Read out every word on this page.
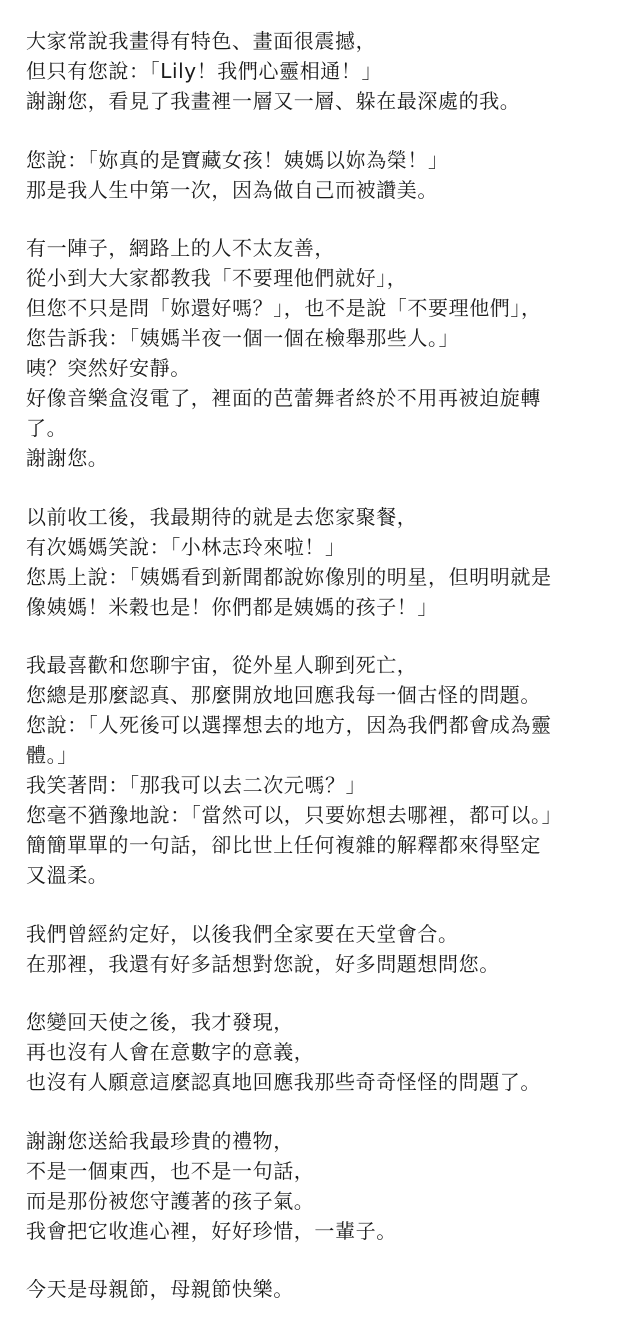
大家常說我畫得有特色、畫面很震撼，
但只有您說：「Lily！我們心靈相通！」
謝謝您，看見了我畫裡一層又一層、躲在最深處的我。
您說：「妳真的是寶藏女孩！姨媽以妳為榮！」
那是我人生中第一次，因為做自己而被讚美。
有一陣子，網路上的人不太友善，
從小到大大家都教我「不要理他們就好」，
但您不只是問「妳還好嗎？」，也不是說「不要理他們」，
您告訴我：「姨媽半夜一個一個在檢舉那些人。」
咦？突然好安靜。
好像音樂盒沒電了，裡面的芭蕾舞者終於不用再被迫旋轉
了。
謝謝您。
以前收工後，我最期待的就是去您家聚餐，
有次媽媽笑說：「小林志玲來啦！」
您馬上說：「姨媽看到新聞都說妳像別的明星，但明明就是
像姨媽！米穀也是！你們都是姨媽的孩子！」
我最喜歡和您聊宇宙，從外星人聊到死亡，
您總是那麼認真、那麼開放地回應我每一個古怪的問題。
您說：「人死後可以選擇想去的地方，因為我們都會成為靈
體。」
我笑著問：「那我可以去二次元嗎？」
您毫不猶豫地說：「當然可以，只要妳想去哪裡，都可以。」
簡簡單單的一句話，卻比世上任何複雜的解釋都來得堅定
又溫柔。
我們曾經約定好，以後我們全家要在天堂會合。
在那裡，我還有好多話想對您說，好多問題想問您。
您變回天使之後，我才發現，
再也沒有人會在意數字的意義，
也沒有人願意這麼認真地回應我那些奇奇怪怪的問題了。
謝謝您送給我最珍貴的禮物，
不是一個東西，也不是一句話，
而是那份被您守護著的孩子氣。
我會把它收進心裡，好好珍惜，一輩子。
今天是母親節，母親節快樂。
